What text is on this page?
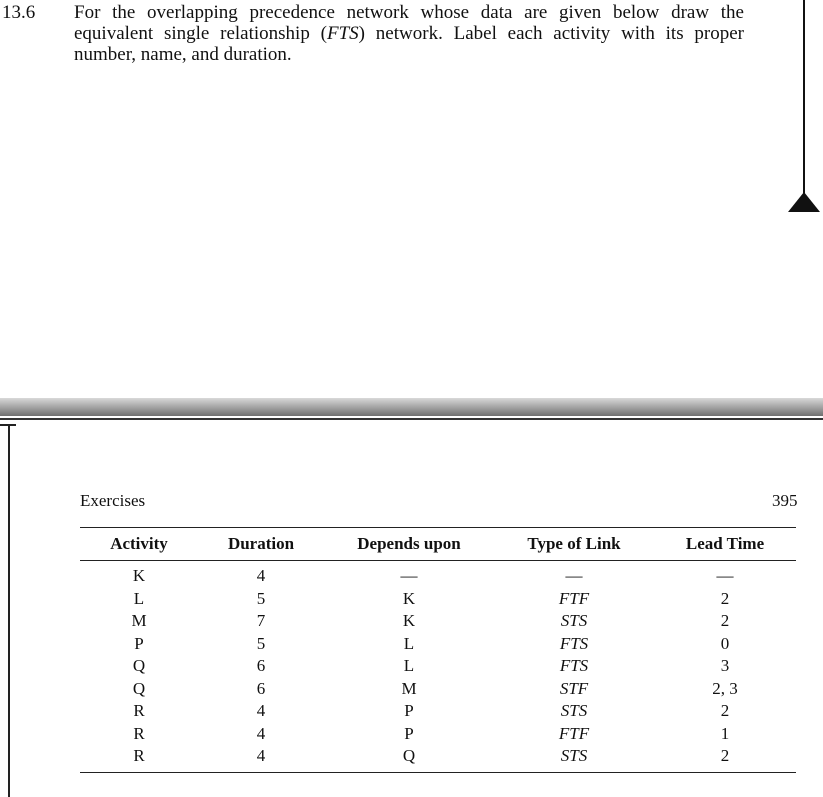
13.6 For the overlapping precedence network whose data are given below draw the equivalent single relationship (FTS) network. Label each activity with its proper number, name, and duration.
Exercises	395
Activity	Duration	Depends upon	Type of Link	Lead Time
K	4	—	—	—
L	5	K	FTF	2
M	7	K	STS	2
P	5	L	FTS	0
Q	6	L	FTS	3
Q	6	M	STF	2, 3
R	4	P	STS	2
R	4	P	FTF	1
R	4	Q	STS	2
